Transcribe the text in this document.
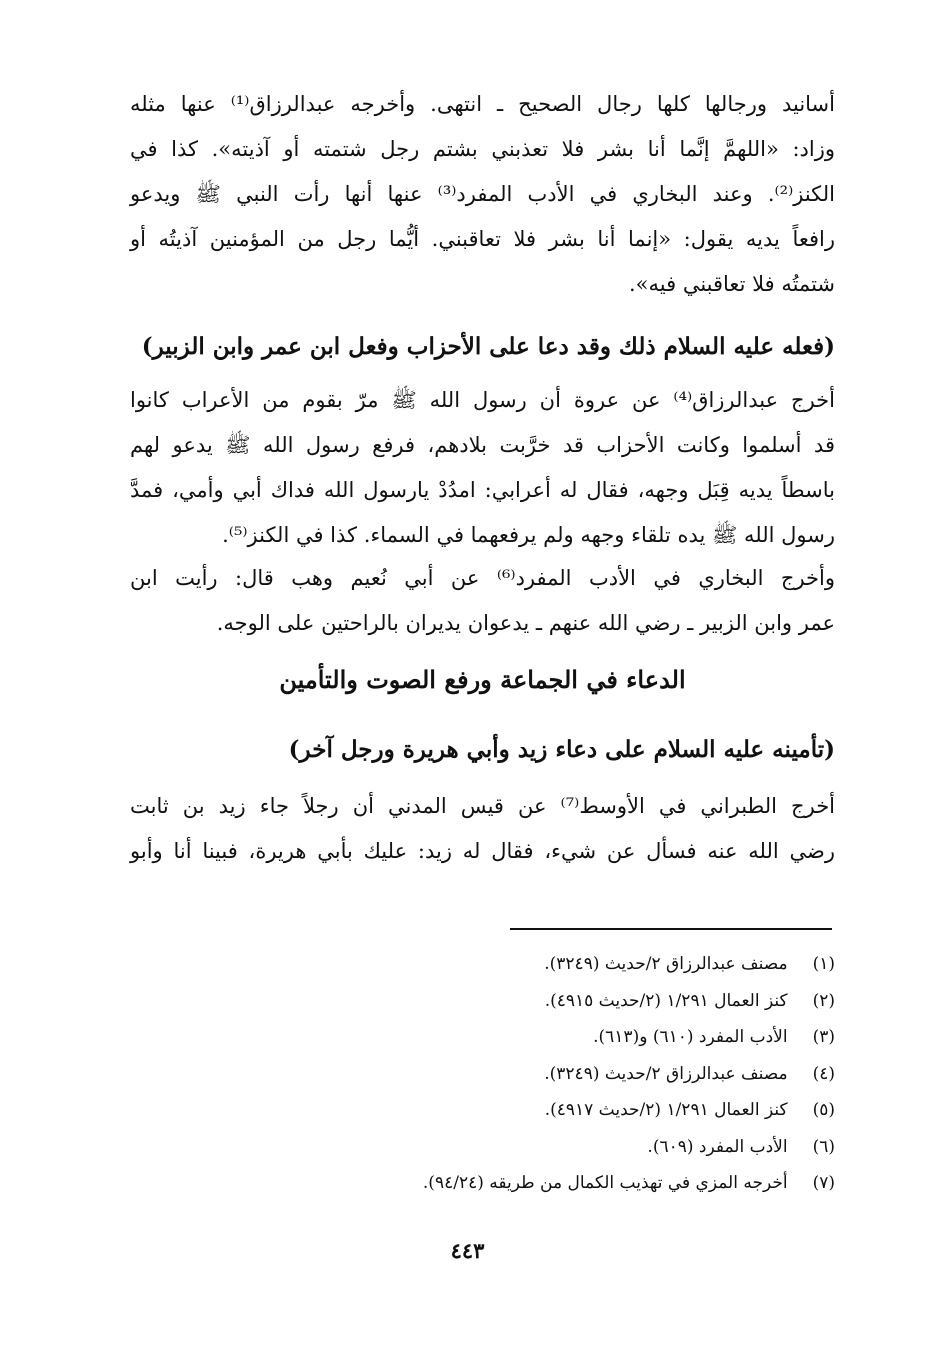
أسانيد ورجالها كلها رجال الصحيح ـ انتهى. وأخرجه عبدالرزاق⁽¹⁾ عنها مثله
وزاد: «اللهمَّ إنَّما أنا بشر فلا تعذبني بشتم رجل شتمته أو آذيته». كذا في
الكنز⁽²⁾. وعند البخاري في الأدب المفرد⁽³⁾ عنها أنها رأت النبي ﷺ ويدعو
رافعاً يديه يقول: «إنما أنا بشر فلا تعاقبني. أيُّما رجل من المؤمنين آذيتُه أو
شتمتُه فلا تعاقبني فيه».
(فعله عليه السلام ذلك وقد دعا على الأحزاب وفعل ابن عمر وابن الزبير)
أخرج عبدالرزاق⁽⁴⁾ عن عروة أن رسول الله ﷺ مرّ بقوم من الأعراب كانوا
قد أسلموا وكانت الأحزاب قد خرَّبت بلادهم، فرفع رسول الله ﷺ يدعو لهم
باسطاً يديه قِبَل وجهه، فقال له أعرابي: امدُدْ يارسول الله فداك أبي وأمي، فمدَّ
رسول الله ﷺ يده تلقاء وجهه ولم يرفعهما في السماء. كذا في الكنز⁽⁵⁾.
وأخرج البخاري في الأدب المفرد⁽⁶⁾ عن أبي نُعيم وهب قال: رأيت ابن
عمر وابن الزبير ـ رضي الله عنهم ـ يدعوان يديران بالراحتين على الوجه.
الدعاء في الجماعة ورفع الصوت والتأمين
(تأمينه عليه السلام على دعاء زيد وأبي هريرة ورجل آخر)
أخرج الطبراني في الأوسط⁽⁷⁾ عن قيس المدني أن رجلاً جاء زيد بن ثابت
رضي الله عنه فسأل عن شيء، فقال له زيد: عليك بأبي هريرة، فبينا أنا وأبو
(١) مصنف عبدالرزاق ٢/حديث (٣٢٤٩).
(٢) كنز العمال ١/٢٩١ (٢/حديث ٤٩١٥).
(٣) الأدب المفرد (٦١٠) و(٦١٣).
(٤) مصنف عبدالرزاق ٢/حديث (٣٢٤٩).
(٥) كنز العمال ١/٢٩١ (٢/حديث ٤٩١٧).
(٦) الأدب المفرد (٦٠٩).
(٧) أخرجه المزي في تهذيب الكمال من طريقه (٩٤/٢٤).
٤٤٣
